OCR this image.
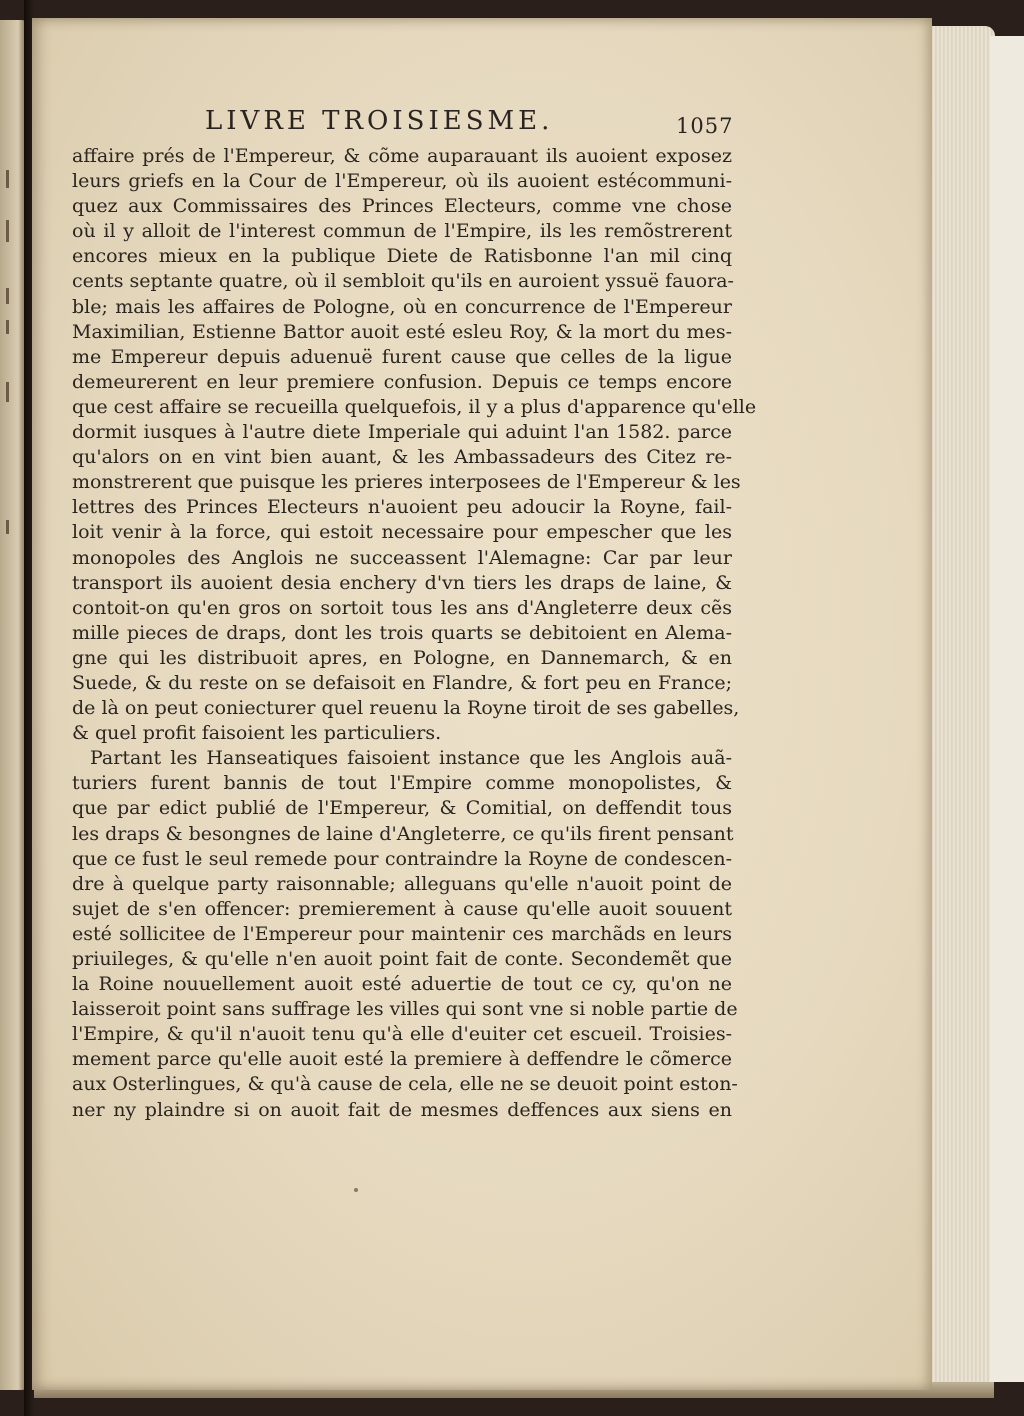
LIVRE TROISIESME.	1057
affaire prés de l'Empereur, & cõme auparauant ils auoient exposez
leurs griefs en la Cour de l'Empereur, où ils auoient estécommuni-
quez aux Commissaires des Princes Electeurs, comme vne chose
où il y alloit de l'interest commun de l'Empire, ils les remõstrerent
encores mieux en la publique Diete de Ratisbonne l'an mil cinq
cents septante quatre, où il sembloit qu'ils en auroient yssuë fauora-
ble; mais les affaires de Pologne, où en concurrence de l'Empereur
Maximilian, Estienne Battor auoit esté esleu Roy, & la mort du mes-
me Empereur depuis aduenuë furent cause que celles de la ligue
demeurerent en leur premiere confusion. Depuis ce temps encore
que cest affaire se recueilla quelquefois, il y a plus d'apparence qu'elle
dormit iusques à l'autre diete Imperiale qui aduint l'an 1582. parce
qu'alors on en vint bien auant, & les Ambassadeurs des Citez re-
monstrerent que puisque les prieres interposees de l'Empereur & les
lettres des Princes Electeurs n'auoient peu adoucir la Royne, fail-
loit venir à la force, qui estoit necessaire pour empescher que les
monopoles des Anglois ne succeassent l'Alemagne: Car par leur
transport ils auoient desia enchery d'vn tiers les draps de laine, &
contoit-on qu'en gros on sortoit tous les ans d'Angleterre deux cẽs
mille pieces de draps, dont les trois quarts se debitoient en Alema-
gne qui les distribuoit apres, en Pologne, en Dannemarch, & en
Suede, & du reste on se defaisoit en Flandre, & fort peu en France;
de là on peut coniecturer quel reuenu la Royne tiroit de ses gabelles,
& quel profit faisoient les particuliers.
Partant les Hanseatiques faisoient instance que les Anglois auã-
turiers furent bannis de tout l'Empire comme monopolistes, &
que par edict publié de l'Empereur, & Comitial, on deffendit tous
les draps & besongnes de laine d'Angleterre, ce qu'ils firent pensant
que ce fust le seul remede pour contraindre la Royne de condescen-
dre à quelque party raisonnable; alleguans qu'elle n'auoit point de
sujet de s'en offencer: premierement à cause qu'elle auoit souuent
esté sollicitee de l'Empereur pour maintenir ces marchãds en leurs
priuileges, & qu'elle n'en auoit point fait de conte. Secondemẽt que
la Roine nouuellement auoit esté aduertie de tout ce cy, qu'on ne
laisseroit point sans suffrage les villes qui sont vne si noble partie de
l'Empire, & qu'il n'auoit tenu qu'à elle d'euiter cet escueil. Troisies-
mement parce qu'elle auoit esté la premiere à deffendre le cõmerce
aux Osterlingues, & qu'à cause de cela, elle ne se deuoit point eston-
ner ny plaindre si on auoit fait de mesmes deffences aux siens en
